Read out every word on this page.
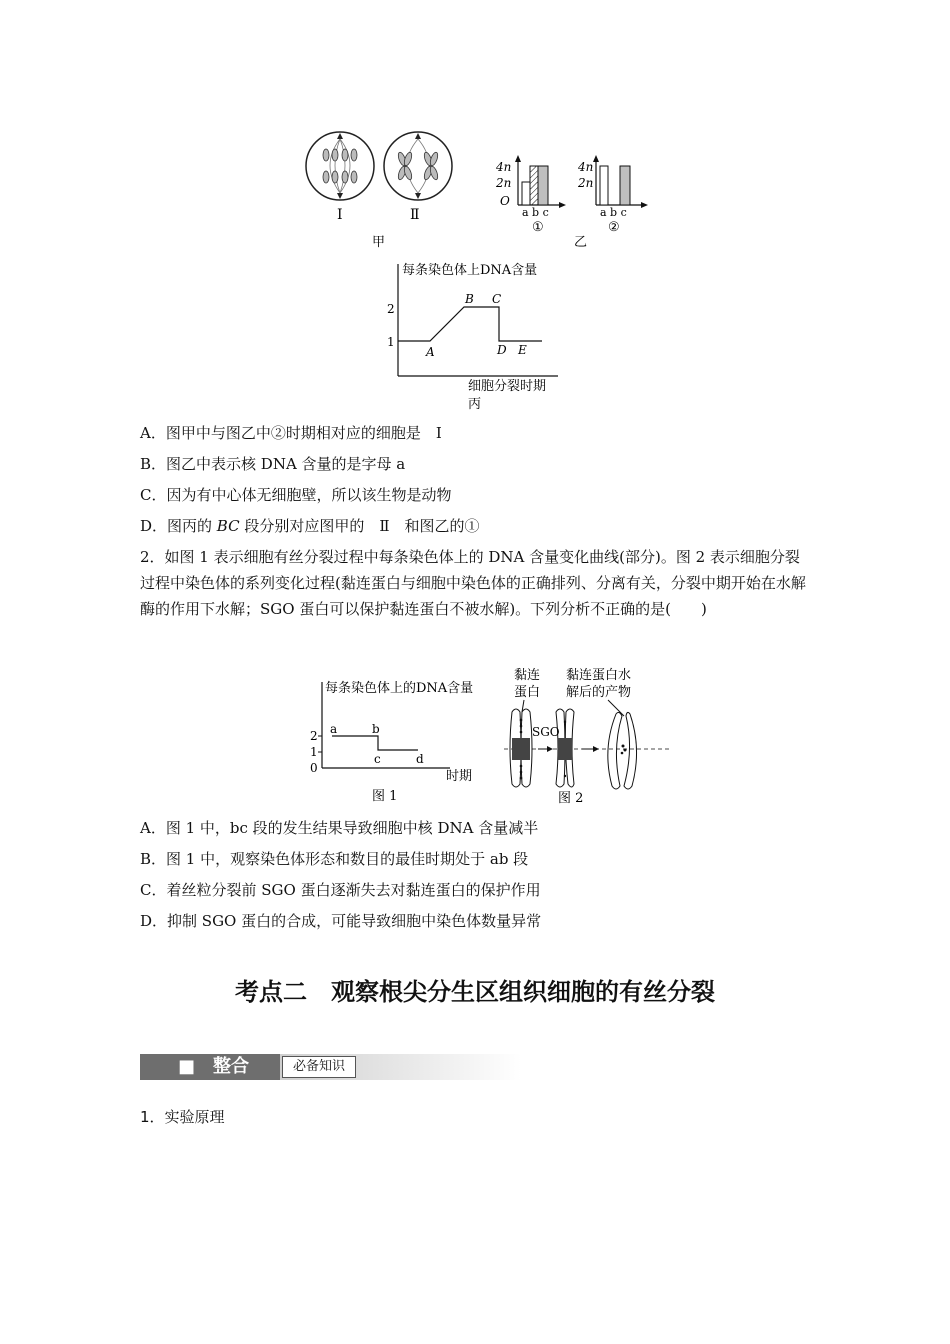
Ⅰ	Ⅱ
甲
4n
2n
O
a b c
①
4n
2n
a b c
②
乙
每条染色体上DNA含量
2
1
A
B C
D E
细胞分裂时期
丙
A．图甲中与图乙中②时期相对应的细胞是　Ⅰ
B．图乙中表示核 DNA 含量的是字母 a
C．因为有中心体无细胞壁，所以该生物是动物
D．图丙的 BC 段分别对应图甲的　Ⅱ　和图乙的①
2．如图 1 表示细胞有丝分裂过程中每条染色体上的 DNA 含量变化曲线(部分)。图 2 表示细胞分裂过程中染色体的系列变化过程(黏连蛋白与细胞中染色体的正确排列、分离有关，分裂中期开始在水解酶的作用下水解；SGO 蛋白可以保护黏连蛋白不被水解)。下列分析不正确的是(　　)
每条染色体上的DNA含量
2
1
0
a	b
c	d
时期
图 1
黏连
蛋白
黏连蛋白水
解后的产物
SGO
图 2
A．图 1 中，bc 段的发生结果导致细胞中核 DNA 含量减半
B．图 1 中，观察染色体形态和数目的最佳时期处于 ab 段
C．着丝粒分裂前 SGO 蛋白逐渐失去对黏连蛋白的保护作用
D．抑制 SGO 蛋白的合成，可能导致细胞中染色体数量异常
考点二　观察根尖分生区组织细胞的有丝分裂
■　整合	必备知识
1．实验原理
